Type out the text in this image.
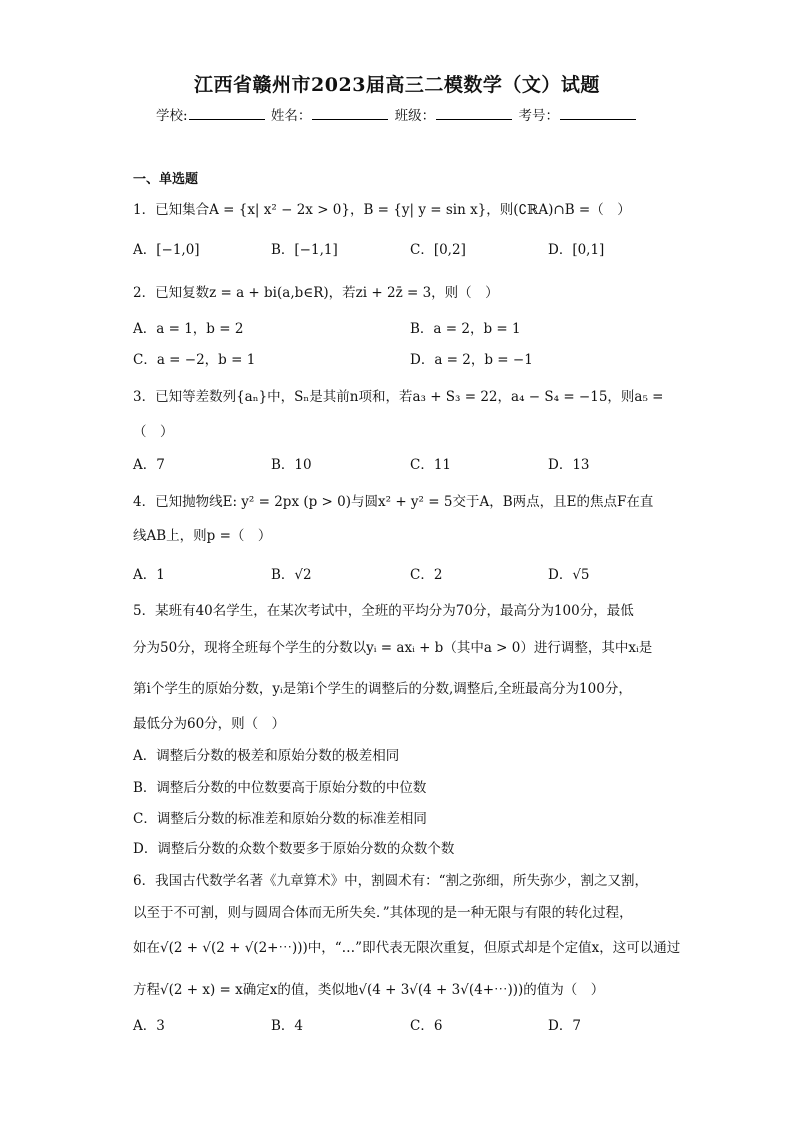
江西省赣州市2023届高三二模数学（文）试题
学校:	姓名：	班级：	考号：
一、单选题
1．已知集合A = {x| x² − 2x > 0}，B = {y| y = sin x}，则(∁ℝA)∩B =（　）
A．[−1,0]	B．[−1,1]	C．[0,2]	D．[0,1]
2．已知复数z = a + bi(a,b∈R)，若zi + 2z̄ = 3，则（　）
A．a = 1，b = 2	B．a = 2，b = 1
C．a = −2，b = 1	D．a = 2，b = −1
3．已知等差数列{aₙ}中，Sₙ是其前n项和，若a₃ + S₃ = 22，a₄ − S₄ = −15，则a₅ =
（　）
A．7	B．10	C．11	D．13
4．已知抛物线E: y² = 2px (p > 0)与圆x² + y² = 5交于A，B两点，且E的焦点F在直
线AB上，则p =（　）
A．1	B．√2	C．2	D．√5
5．某班有40名学生，在某次考试中，全班的平均分为70分，最高分为100分，最低
分为50分，现将全班每个学生的分数以yᵢ = axᵢ + b（其中a > 0）进行调整，其中xᵢ是
第i个学生的原始分数，yᵢ是第i个学生的调整后的分数,调整后,全班最高分为100分，
最低分为60分，则（　）
A．调整后分数的极差和原始分数的极差相同
B．调整后分数的中位数要高于原始分数的中位数
C．调整后分数的标准差和原始分数的标准差相同
D．调整后分数的众数个数要多于原始分数的众数个数
6．我国古代数学名著《九章算术》中，割圆术有：“割之弥细，所失弥少，割之又割，
以至于不可割，则与圆周合体而无所失矣．”其体现的是一种无限与有限的转化过程，
如在√(2 + √(2 + √(2+⋯)))中，“…”即代表无限次重复，但原式却是个定值x，这可以通过
方程√(2 + x) = x确定x的值，类似地√(4 + 3√(4 + 3√(4+⋯)))的值为（　）
A．3	B．4	C．6	D．7
